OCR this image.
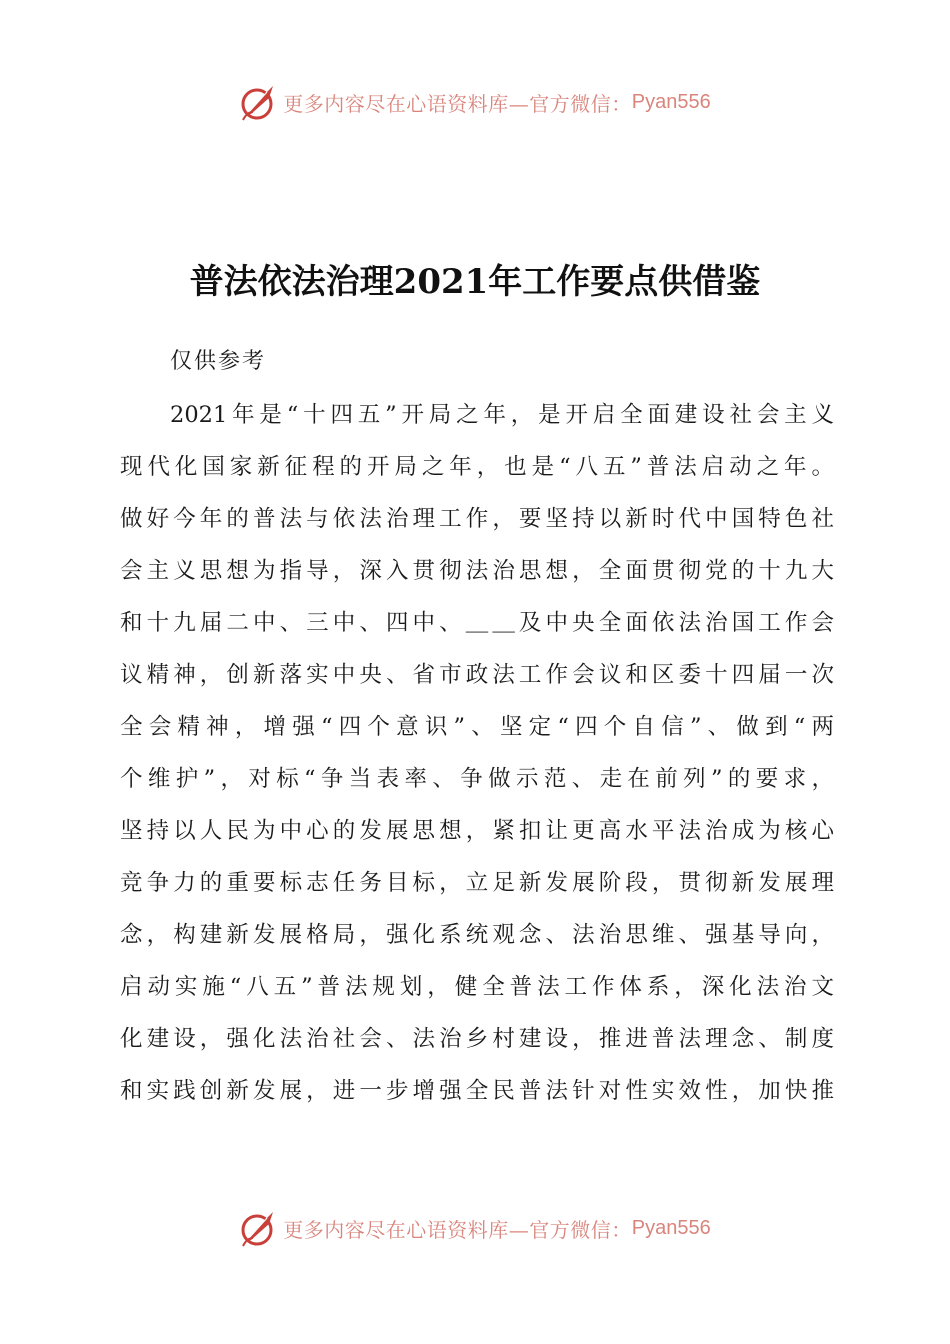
更多内容尽在心语资料库—官方微信： Pyan556
普法依法治理2021年工作要点供借鉴
仅供参考
2021年是“十四五”开局之年，是开启全面建设社会主义
现代化国家新征程的开局之年，也是“八五”普法启动之年。
做好今年的普法与依法治理工作，要坚持以新时代中国特色社
会主义思想为指导，深入贯彻法治思想，全面贯彻党的十九大
和十九届二中、三中、四中、＿＿及中央全面依法治国工作会
议精神，创新落实中央、省市政法工作会议和区委十四届一次
全会精神，增强“四个意识”、坚定“四个自信”、做到“两
个维护”，对标“争当表率、争做示范、走在前列”的要求，
坚持以人民为中心的发展思想，紧扣让更高水平法治成为核心
竞争力的重要标志任务目标，立足新发展阶段，贯彻新发展理
念，构建新发展格局，强化系统观念、法治思维、强基导向，
启动实施“八五”普法规划，健全普法工作体系，深化法治文
化建设，强化法治社会、法治乡村建设，推进普法理念、制度
和实践创新发展，进一步增强全民普法针对性实效性，加快推
更多内容尽在心语资料库—官方微信： Pyan556
